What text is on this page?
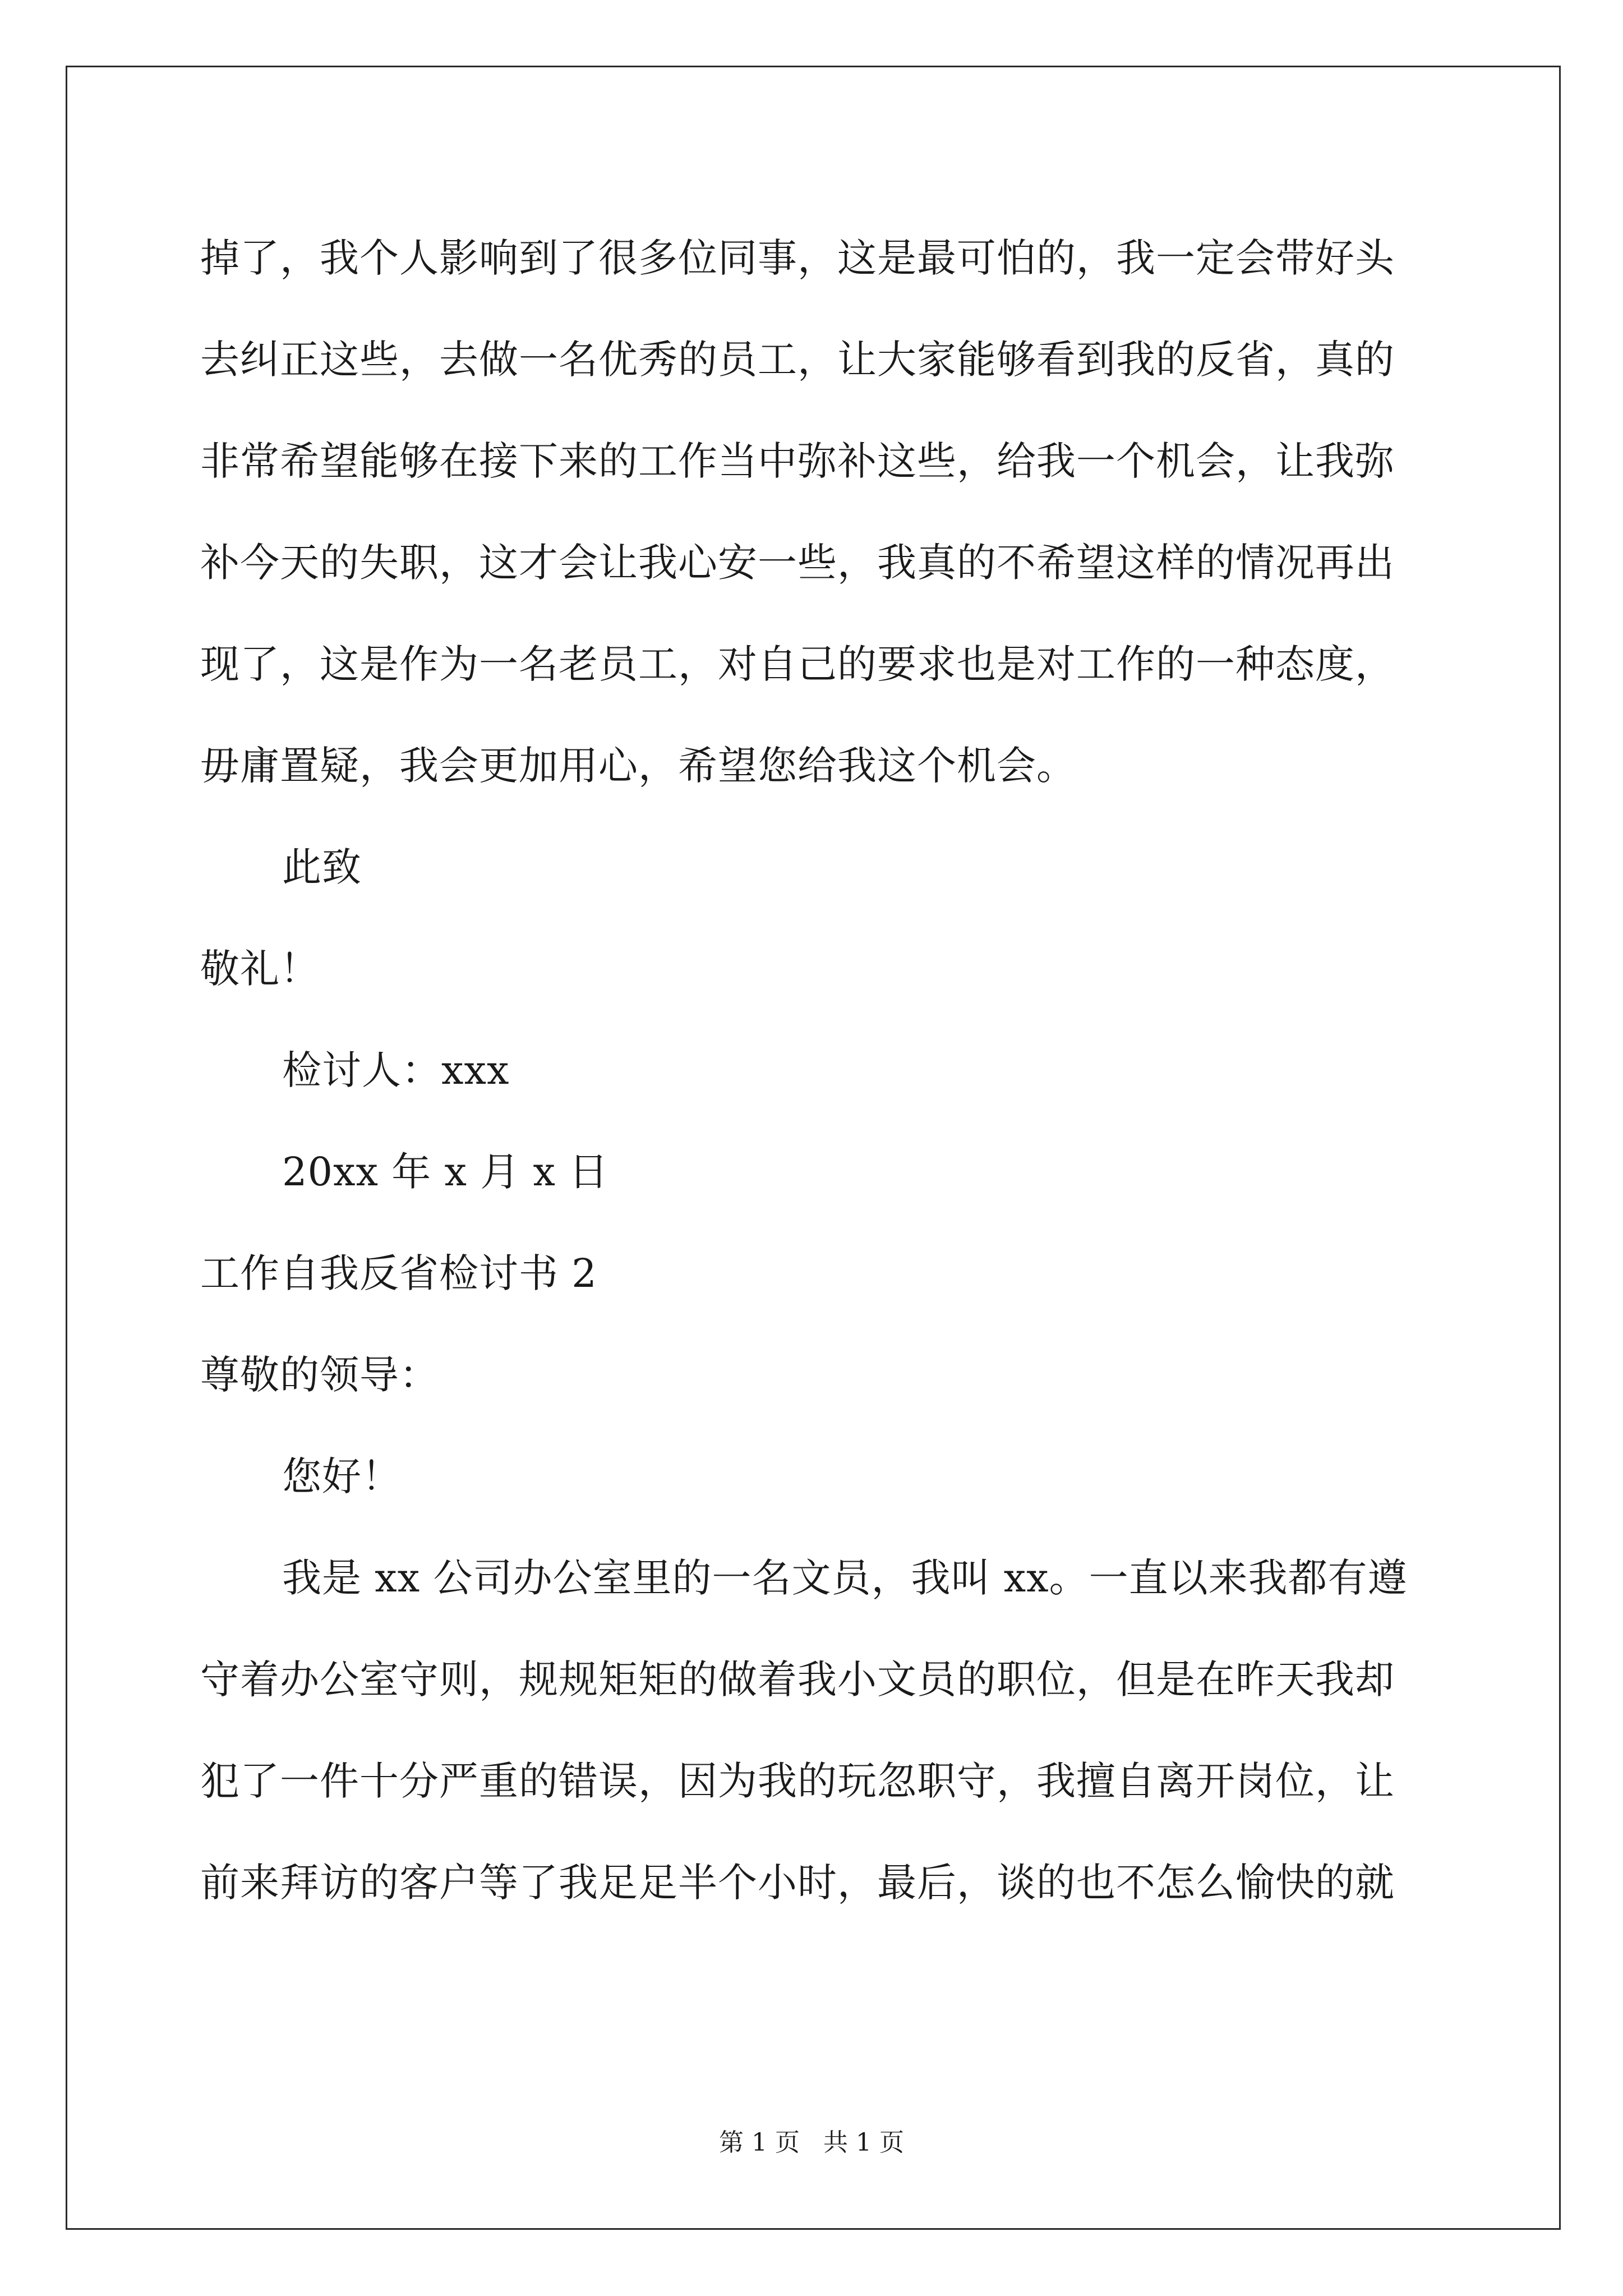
掉了，我个人影响到了很多位同事，这是最可怕的，我一定会带好头
去纠正这些，去做一名优秀的员工，让大家能够看到我的反省，真的
非常希望能够在接下来的工作当中弥补这些，给我一个机会，让我弥
补今天的失职，这才会让我心安一些，我真的不希望这样的情况再出
现了，这是作为一名老员工，对自己的要求也是对工作的一种态度，
毋庸置疑，我会更加用心，希望您给我这个机会。
此致
敬礼！
检讨人：xxx
20xx 年 x 月 x 日
工作自我反省检讨书 2
尊敬的领导：
您好！
我是 xx 公司办公室里的一名文员，我叫 xx。一直以来我都有遵
守着办公室守则，规规矩矩的做着我小文员的职位，但是在昨天我却
犯了一件十分严重的错误，因为我的玩忽职守，我擅自离开岗位，让
前来拜访的客户等了我足足半个小时，最后，谈的也不怎么愉快的就
第 1 页   共 1 页
